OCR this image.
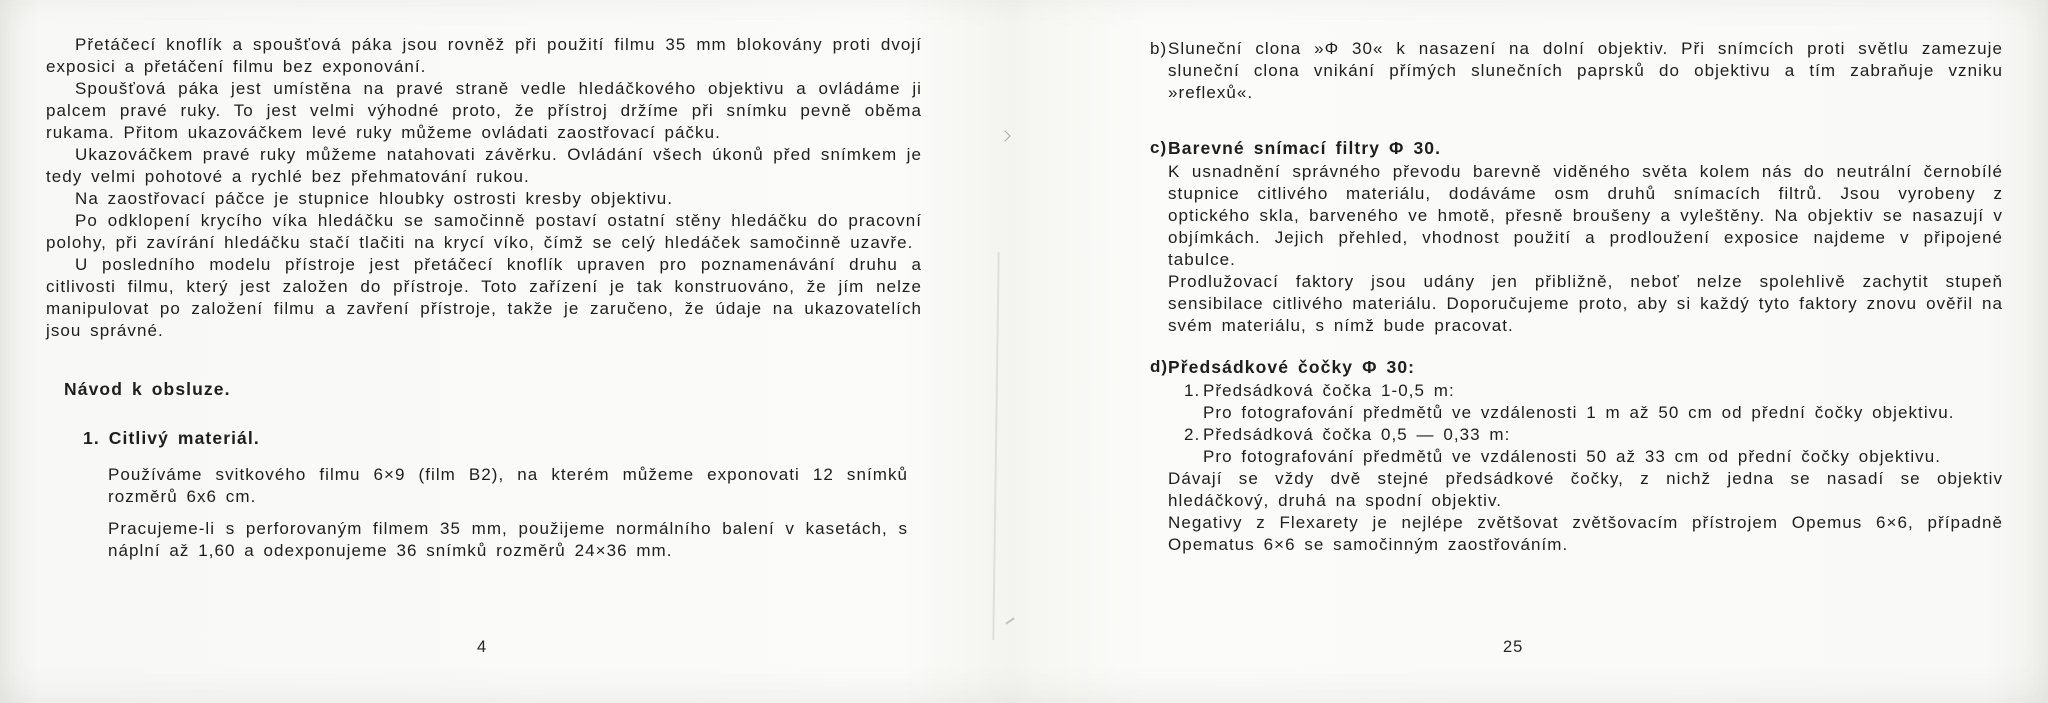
Přetáčecí knoflík a spoušťová páka jsou rovněž při použití filmu 35 mm blokovány proti dvojí exposici a přetáčení filmu bez exponování.

Spoušťová páka jest umístěna na pravé straně vedle hledáčkového objektivu a ovládáme ji palcem pravé ruky. To jest velmi výhodné proto, že přístroj držíme při snímku pevně oběma rukama. Přitom ukazováčkem levé ruky můžeme ovládati zaostřovací páčku.

Ukazováčkem pravé ruky můžeme natahovati závěrku. Ovládání všech úkonů před snímkem je tedy velmi pohotové a rychlé bez přehmatování rukou.

Na zaostřovací páčce je stupnice hloubky ostrosti kresby objektivu.

Po odklopení krycího víka hledáčku se samočinně postaví ostatní stěny hledáčku do pracovní polohy, při zavírání hledáčku stačí tlačiti na krycí víko, čímž se celý hledáček samočinně uzavře.

U posledního modelu přístroje jest přetáčecí knoflík upraven pro poznamenávání druhu a citlivosti filmu, který jest založen do přístroje. Toto zařízení je tak konstruováno, že jím nelze manipulovat po založení filmu a zavření přístroje, takže je zaručeno, že údaje na ukazovatelích jsou správné.

Návod k obsluze.
1. Citlivý materiál.

Používáme svitkového filmu 6×9 (film B2), na kterém můžeme exponovati 12 snímků rozměrů 6x6 cm.

Pracujeme-li s perforovaným filmem 35 mm, použijeme normálního balení v kasetách, s náplní až 1,60 a odexponujeme 36 snímků rozměrů 24×36 mm.

4
b) Sluneční clona »Φ 30« k nasazení na dolní objektiv. Při snímcích proti světlu zamezuje sluneční clona vnikání přímých slunečních paprsků do objektivu a tím zabraňuje vzniku »reflexů«.

c) Barevné snímací filtry Φ 30.

K usnadnění správného převodu barevně viděného světa kolem nás do neutrální černobílé stupnice citlivého materiálu, dodáváme osm druhů snímacích filtrů. Jsou vyrobeny z optického skla, barveného ve hmotě, přesně broušeny a vyleštěny. Na objektiv se nasazují v objímkách. Jejich přehled, vhodnost použití a prodloužení exposice najdeme v připojené tabulce.

Prodlužovací faktory jsou udány jen přibližně, neboť nelze spolehlivě zachytit stupeň sensibilace citlivého materiálu. Doporučujeme proto, aby si každý tyto faktory znovu ověřil na svém materiálu, s nímž bude pracovat.

d) Předsádkové čočky Φ 30:
1. Předsádková čočka 1-0,5 m:

Pro fotografování předmětů ve vzdálenosti 1 m až 50 cm od přední čočky objektivu.

2. Předsádková čočka 0,5 — 0,33 m:

Pro fotografování předmětů ve vzdálenosti 50 až 33 cm od přední čočky objektivu.

Dávají se vždy dvě stejné předsádkové čočky, z nichž jedna se nasadí se objektiv hledáčkový, druhá na spodní objektiv.

Negativy z Flexarety je nejlépe zvětšovat zvětšovacím přístrojem Opemus 6×6, případně Opematus 6×6 se samočinným zaostřováním.

25
